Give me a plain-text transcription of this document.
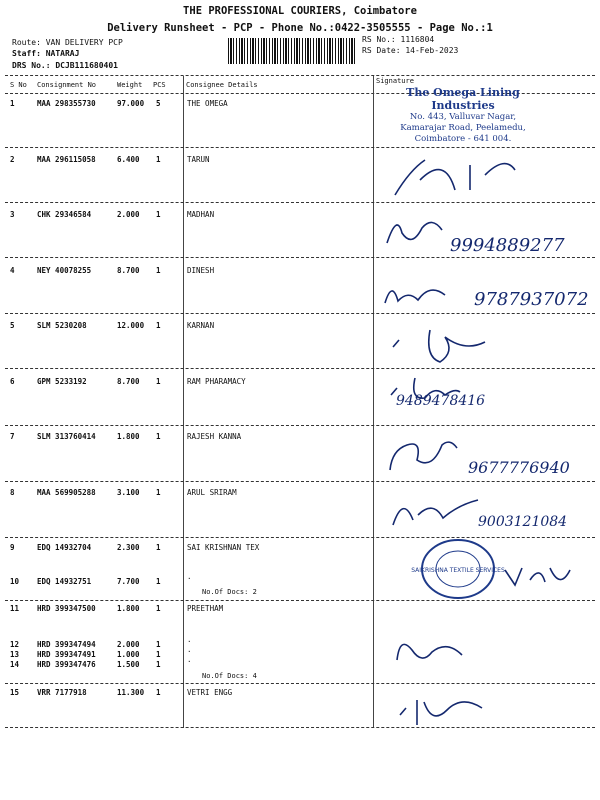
THE PROFESSIONAL COURIERS, Coimbatore
Delivery Runsheet - PCP - Phone No.:0422-3505555 - Page No.:1
Route: VAN DELIVERY PCP
Staff: NATARAJ
DRS No.: DCJB111680401
RS No.: 1116804
RS Date: 14-Feb-2023
S No Consignment No	Weight PCS	Consignee Details	Signature
1	MAA 298355730	97.000 5	THE OMEGA
2	MAA 296115058	6.400 1	TARUN
3	CHK 29346584	2.000 1	MADHAN
4	NEY 40078255	8.700 1	DINESH
5	SLM 5230208	12.000 1	KARNAN
6	GPM 5233192	8.700 1	RAM PHARAMACY
7	SLM 313760414	1.800 1	RAJESH KANNA
8	MAA 569905288	3.100 1	ARUL SRIRAM
9	EDQ 14932704	2.300 1	SAI KRISHNAN TEX
10 EDQ 14932751	7.700 1	·
No.Of Docs: 2
11 HRD 399347500	1.800 1	PREETHAM
12 HRD 399347494	2.000 1	·
13 HRD 399347491	1.000 1	·
14 HRD 399347476	1.500 1	·
No.Of Docs: 4
15 VRR 7177918	11.300 1	VETRI ENGG
The Omega Lining Industries
No. 443, Valluvar Nagar,
Kamarajar Road, Peelamedu,
Coimbatore - 641 004.
9994889277
9787937072
9489478416
9677776940
9003121084
SAIKRISHNA TEXTILE SERVICES
